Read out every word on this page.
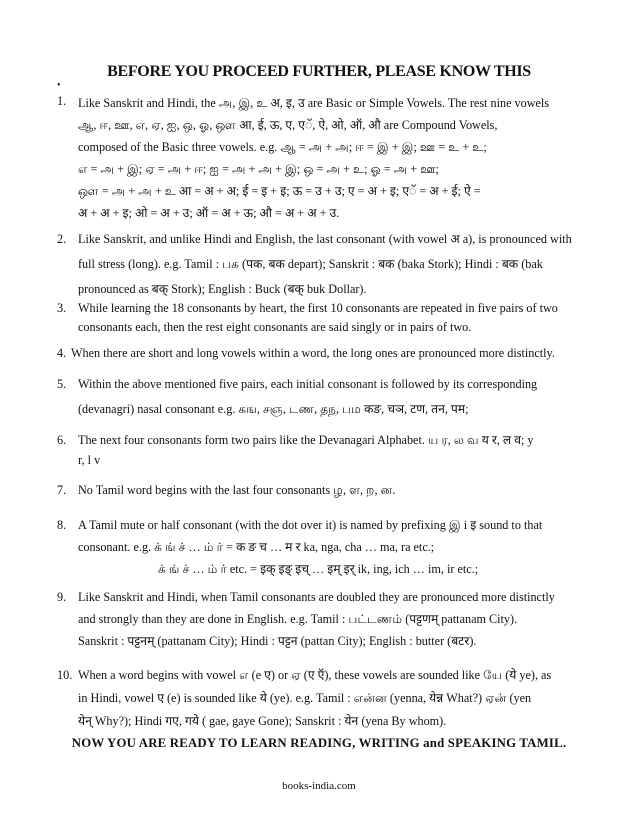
BEFORE YOU PROCEED FURTHER, PLEASE KNOW THIS
•
1. Like Sanskrit and Hindi, the அ, இ, உ अ, इ, उ are Basic or Simple Vowels. The rest nine vowels

ஆ, ஈ, ஊ, எ, ஏ, ஐ, ஒ, ஓ, ஔ आ, ई, ऊ, ए, एॅ, ऐ, ओ, ऑ, औ are Compound Vowels,

composed of the Basic three vowels. e.g. ஆ = அ + அ; ஈ = இ + இ; ஊ = உ + உ;

எ = அ + இ; ஏ = அ + ஈ; ஐ = அ + அ + இ; ஒ = அ + உ; ஓ = அ + ஊ;

ஔ = அ + அ + உ आ = अ + अ; ई = इ + इ; ऊ = उ + उ; ए = अ + इ; एॅ = अ + ई; ऐ =

अ + अ + इ; ओ = अ + उ; ऑ = अ + ऊ; औ = अ + अ + उ.

2. Like Sanskrit, and unlike Hindi and English, the last consonant (with vowel अ a), is pronounced with

full stress (long). e.g. Tamil : பக (पक, बक depart); Sanskrit : बक (baka Stork); Hindi : बक (bak

pronounced as बक् Stork); English : Buck (बक् buk Dollar).

3. While learning the 18 consonants by heart, the first 10 consonants are repeated in five pairs of two

consonants each, then the rest eight consonants are said singly or in pairs of two.

4. When there are short and long vowels within a word, the long ones are pronounced more distinctly.

5. Within the above mentioned five pairs, each initial consonant is followed by its corresponding

(devanagri) nasal consonant e.g. கங, சஞ, டண, தந, பம कङ, चञ, टण, तन, पम;

6. The next four consonants form two pairs like the Devanagari Alphabet. ய ர, ல வ य र, ल व; y

r, l v

7. No Tamil word begins with the last four consonants ழ, ள, ற, ன.

8. A Tamil mute or half consonant (with the dot over it) is named by prefixing இ i इ sound to that

consonant. e.g. க் ங் ச் … ம் ர் = क ङ च … म र ka, nga, cha … ma, ra etc.;

க் ங் ச் … ம் ர் etc. = इक् इङ् इच् … इम् इर् ik, ing, ich … im, ir etc.;

9. Like Sanskrit and Hindi, when Tamil consonants are doubled they are pronounced more distinctly

and strongly than they are done in English. e.g. Tamil : பட்டணம் (पट्टणम् pattanam City).

Sanskrit : पट्टनम् (pattanam City); Hindi : पट्टन (pattan City); English : butter (बटर).

10. When a word begins with vowel எ (e ए) or ஏ (ए ऍ), these vowels are sounded like யே (ये ye), as

in Hindi, vowel ए (e) is sounded like ये (ye). e.g. Tamil : என்ன (yenna, येन्न What?) ஏன் (yen

येन् Why?); Hindi गए, गये ( gae, gaye Gone); Sanskrit : येन (yena By whom).

NOW YOU ARE READY TO LEARN READING, WRITING and SPEAKING TAMIL.
books-india.com
